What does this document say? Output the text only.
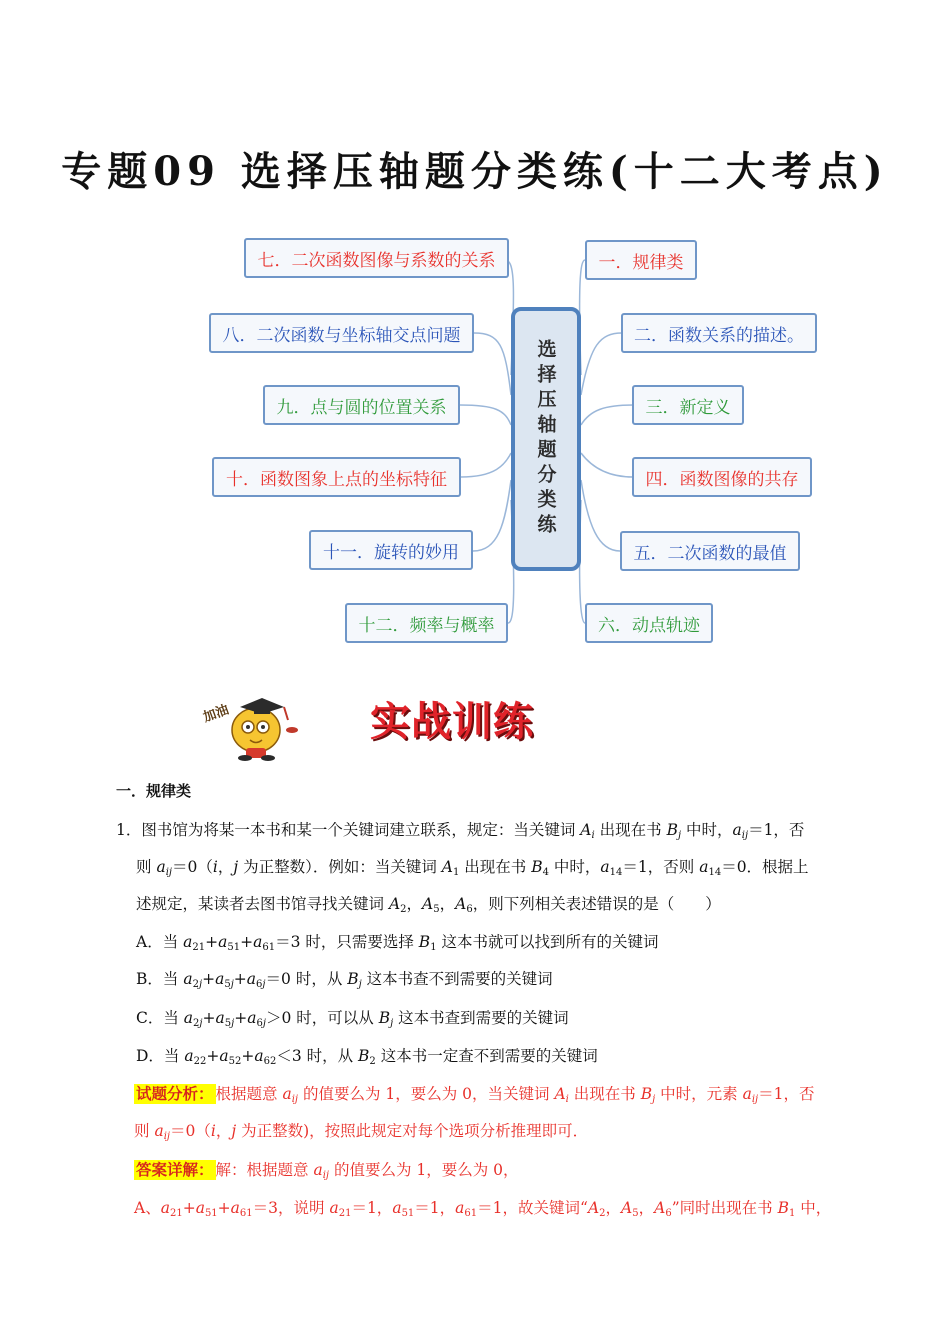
专题09 选择压轴题分类练(十二大考点)
选择压轴题分类练
七．二次函数图像与系数的关系
八．二次函数与坐标轴交点问题
九．点与圆的位置关系
十．函数图象上点的坐标特征
十一．旋转的妙用
十二．频率与概率
一．规律类
二．函数关系的描述。
三．新定义
四．函数图像的共存
五．二次函数的最值
六．动点轨迹
加油	实战训练
一．规律类
1．图书馆为将某一本书和某一个关键词建立联系，规定：当关键词 $A_i$ 出现在书 $B_j$ 中时，$a_{ij}=1$，否
则 $a_{ij}=0(i$，j 为正整数）．例如：当关键词 $A_1$ 出现在书 $B_4$ 中时，$a_{14}=1$，否则 $a_{14}=0$．根据上
述规定，某读者去图书馆寻找关键词 $A_2$，$A_5$，$A_6$，则下列相关表述错误的是（　　）
A．当 $a_{21}+a_{51}+a_{61}=3$ 时，只需要选择 $B_1$ 这本书就可以找到所有的关键词
B．当 $a_{2j}+a_{5j}+a_{6j}=0$ 时，从 $B_j$ 这本书查不到需要的关键词
C．当 $a_{2j}+a_{5j}+a_{6j}>0$ 时，可以从 $B_j$ 这本书查到需要的关键词
D．当 $a_{22}+a_{52}+a_{62}<3$ 时，从 $B_2$ 这本书一定查不到需要的关键词
试题分析： 根据题意 $a_{ij}$ 的值要么为 1，要么为 0，当关键词 $A_i$ 出现在书 $B_j$ 中时，元素 $a_{ij}=1$，否
则 $a_{ij}=0(i$，j 为正整数)，按照此规定对每个选项分析推理即可．
答案详解： 解：根据题意 $a_{ij}$ 的值要么为 1，要么为 0，
A、$a_{21}+a_{51}+a_{61}=3$，说明 $a_{21}=1$，$a_{51}=1$，$a_{61}=1$，故关键词“$A_2$，$A_5$，$A_6$”同时出现在书 $B_1$ 中，
